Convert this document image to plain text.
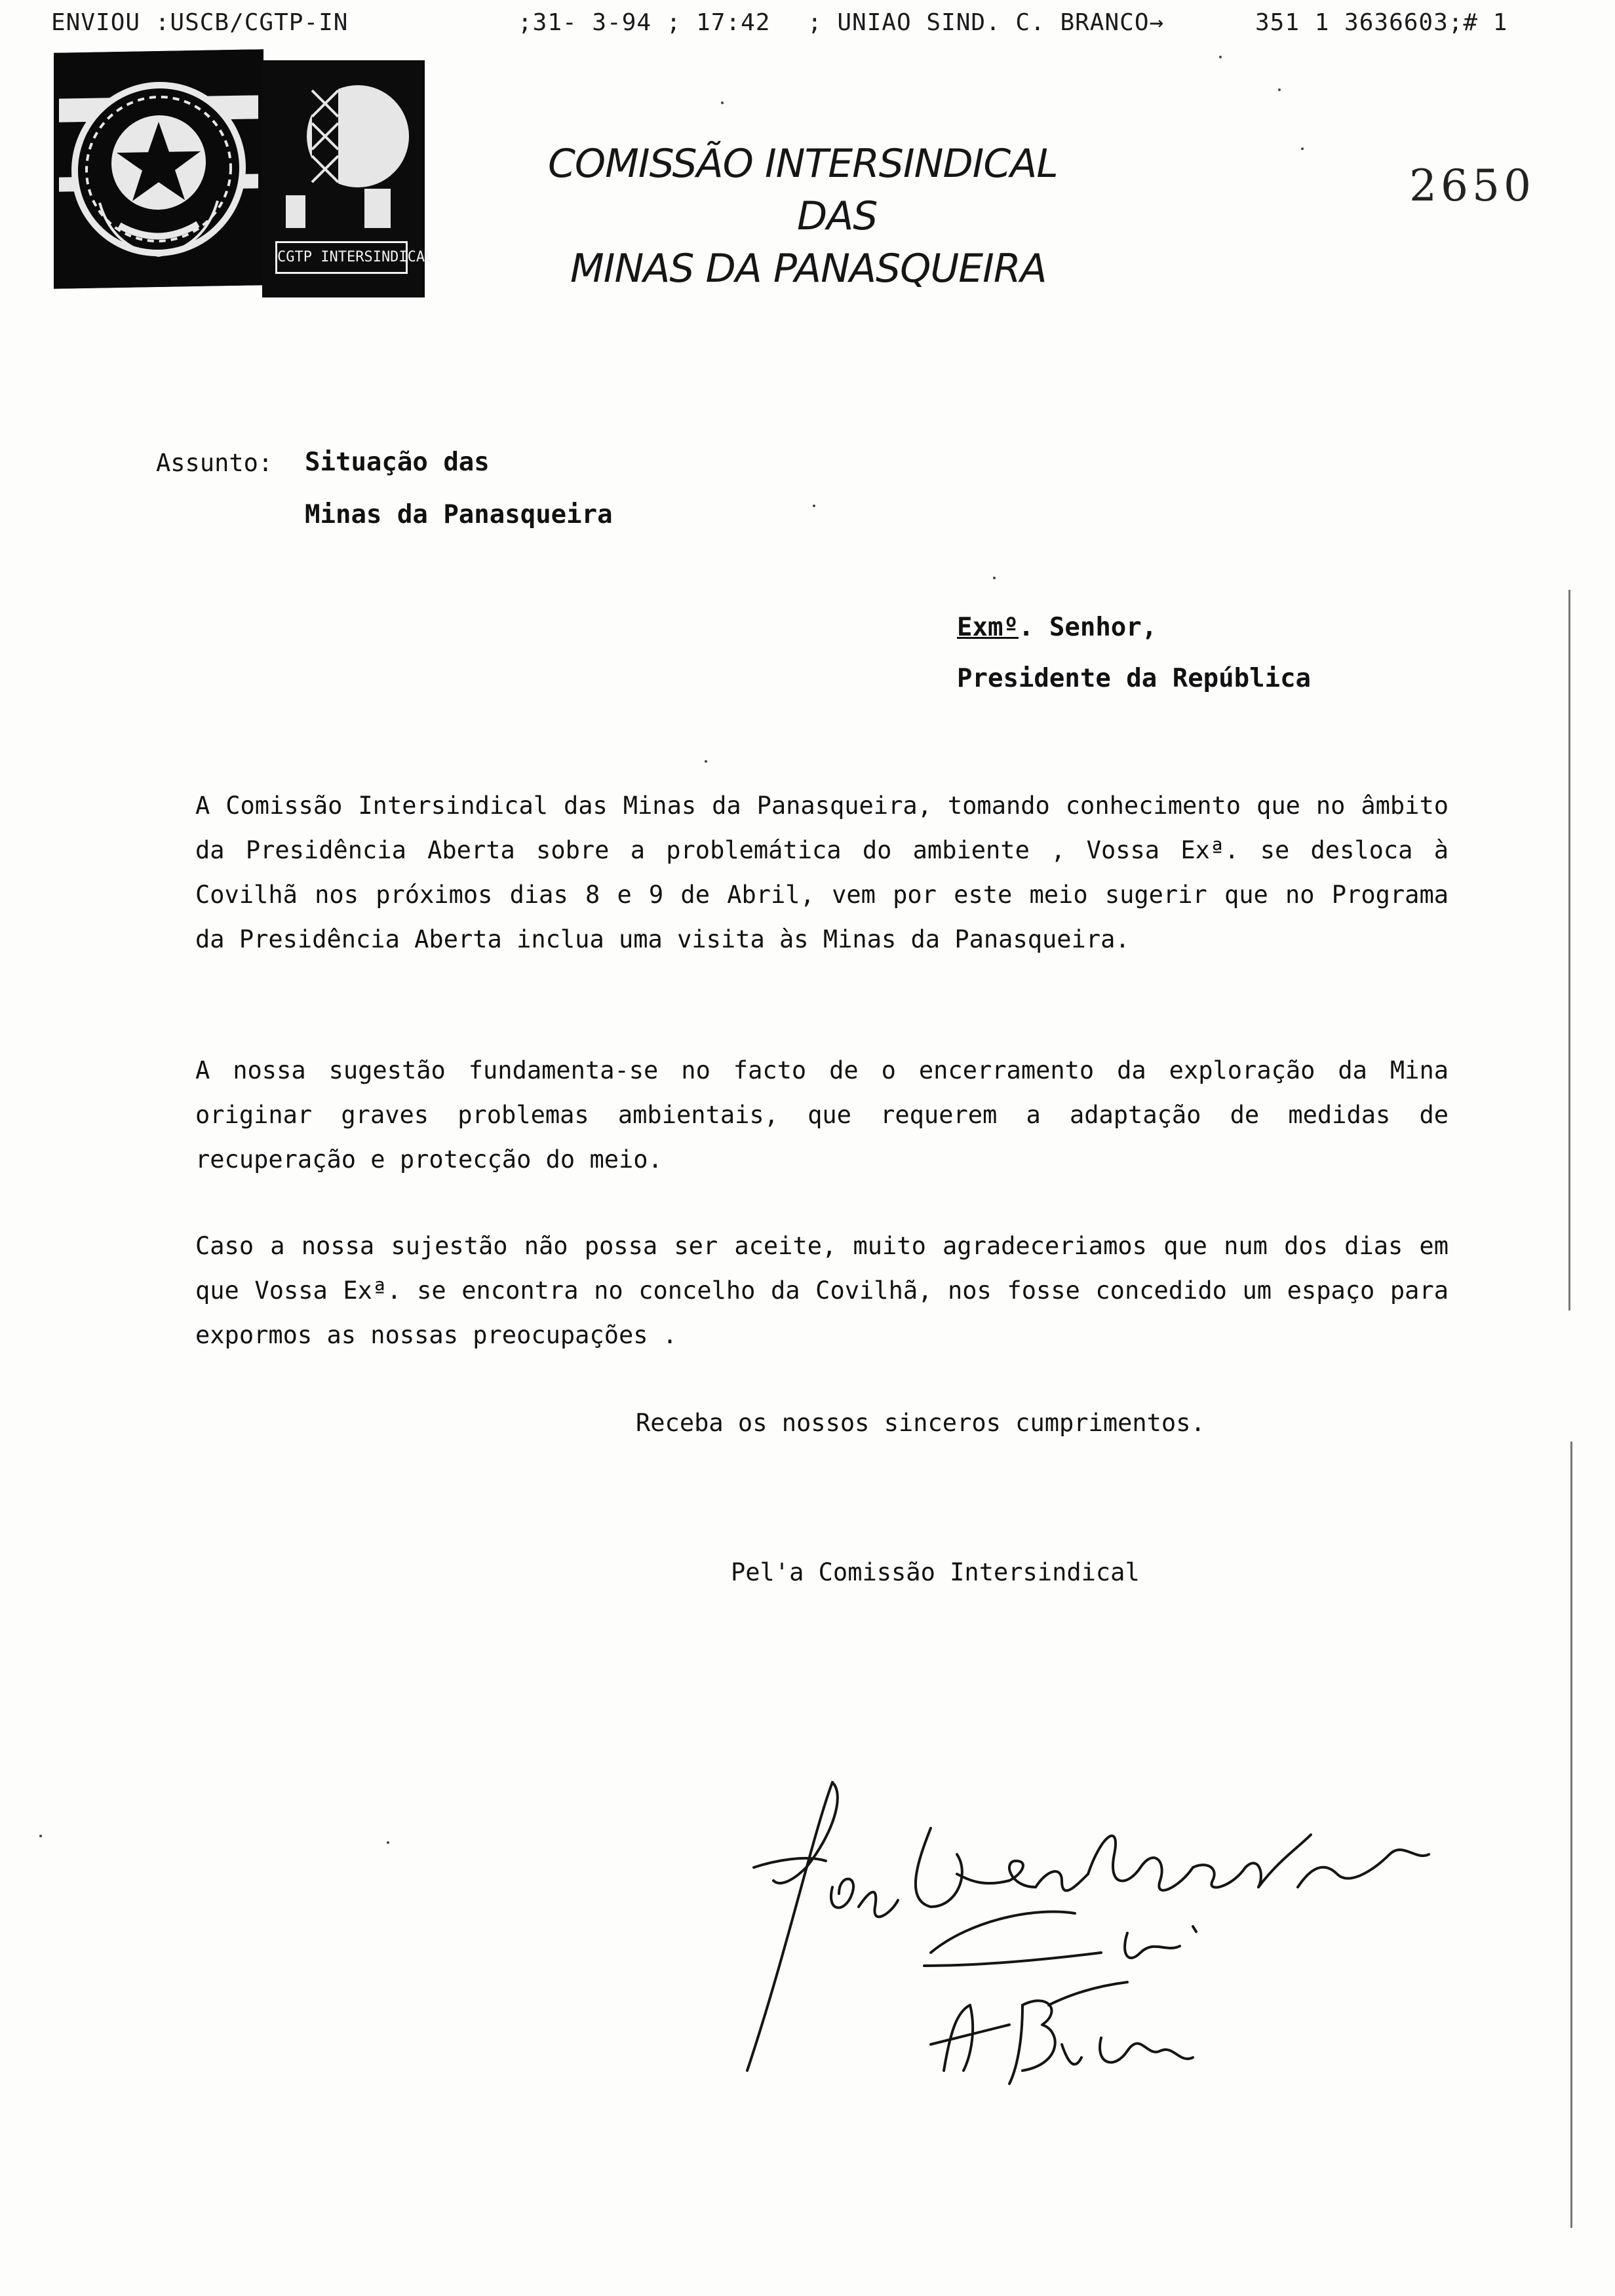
ENVIOU :USCB/CGTP-IN	;31- 3-94 ; 17:42 ; UNIAO SIND. C. BRANCO→	351 1 3636603;# 1
CGTP INTERSINDICAL
COMISSÃO INTERSINDICAL
DAS
MINAS DA PANASQUEIRA
2650
Assunto: Situação das
Minas da Panasqueira
Exmº. Senhor,
Presidente da República
A Comissão Intersindical das Minas da Panasqueira, tomando conhecimento que no âmbito da Presidência Aberta sobre a problemática do ambiente , Vossa Exª. se desloca à Covilhã nos próximos dias 8 e 9 de Abril, vem por este meio sugerir que no Programa da Presidência Aberta inclua uma visita às Minas da Panasqueira.
A nossa sugestão fundamenta-se no facto de o encerramento da exploração da Mina originar graves problemas ambientais, que requerem a adaptação de medidas de recuperação e protecção do meio.
Caso a nossa sujestão não possa ser aceite, muito agradeceriamos que num dos dias em que Vossa Exª. se encontra no concelho da Covilhã, nos fosse concedido um espaço para expormos as nossas preocupações .
Receba os nossos sinceros cumprimentos.
Pel'a Comissão Intersindical
